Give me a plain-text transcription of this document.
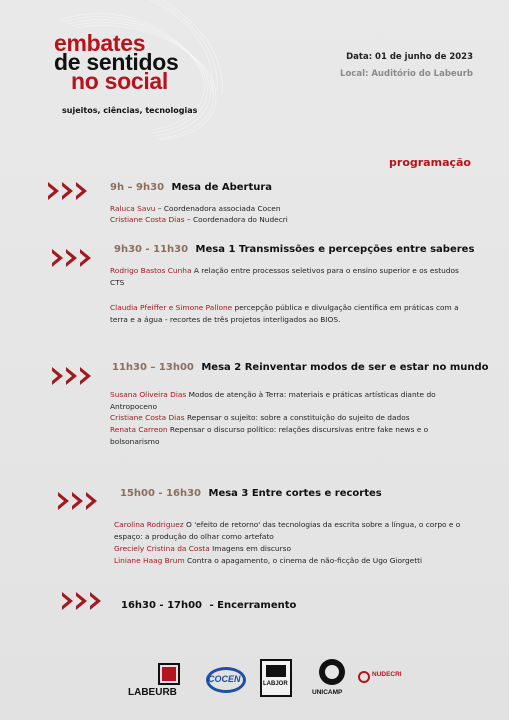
embates
de sentidos
no social
sujeitos, ciências, tecnologias
Data: 01 de junho de 2023
Local: Auditório do Labeurb
programação
9h – 9h30 Mesa de Abertura
Raluca Savu – Coordenadora associada Cocen
Cristiane Costa Dias – Coordenadora do Nudecri
9h30 - 11h30 Mesa 1 Transmissões e percepções entre saberes
Rodrigo Bastos Cunha A relação entre processos seletivos para o ensino superior e os estudos CTS
Claudia Pfeiffer e Simone Pallone percepção pública e divulgação científica em práticas com a terra e a água - recortes de três projetos interligados ao BIOS.
11h30 – 13h00 Mesa 2 Reinventar modos de ser e estar no mundo
Susana Oliveira Dias Modos de atenção à Terra: materiais e práticas artísticas diante do Antropoceno
Cristiane Costa Dias Repensar o sujeito: sobre a constituição do sujeito de dados
Renata Carreon Repensar o discurso político: relações discursivas entre fake news e o bolsonarismo
15h00 - 16h30 Mesa 3 Entre cortes e recortes
Carolina Rodriguez O 'efeito de retorno' das tecnologias da escrita sobre a língua, o corpo e o espaço: a produção do olhar como artefato
Greciely Cristina da Costa Imagens em discurso
Liniane Haag Brum Contra o apagamento, o cinema de não-ficção de Ugo Giorgetti
16h30 - 17h00 - Encerramento
LABEURB
COCEN	LABJOR
UNICAMP
NUDECRI
